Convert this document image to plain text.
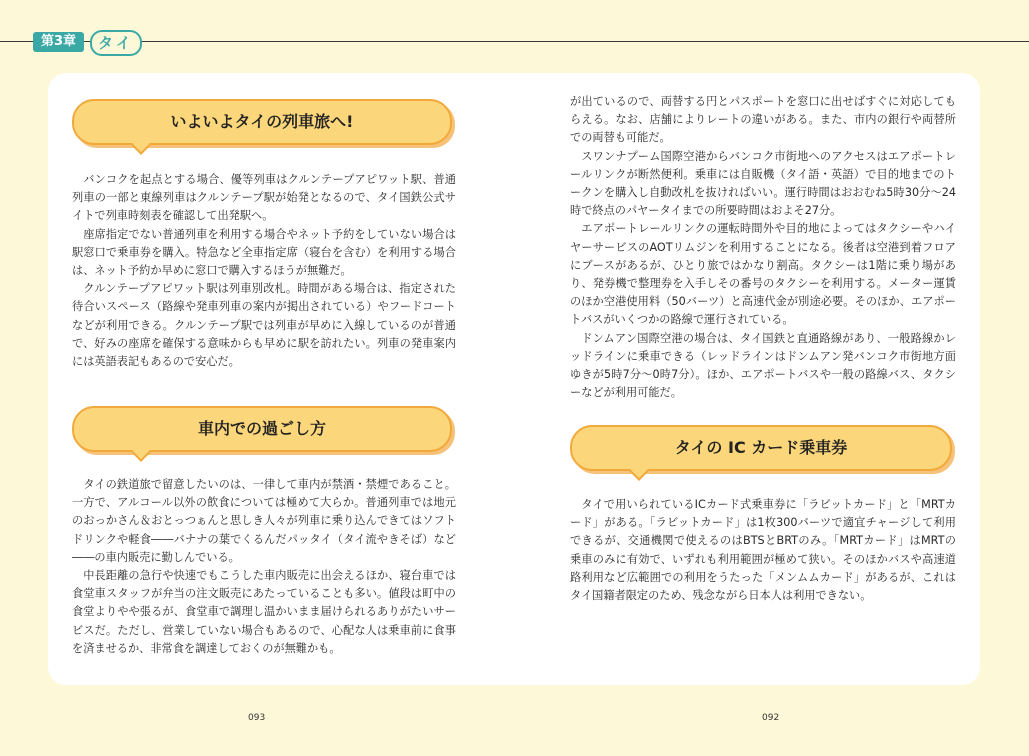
第3章	タイ
いよいよタイの列車旅へ!

バンコクを起点とする場合、優等列車はクルンテープアピワット駅、普通列車の一部と東線列車はクルンテープ駅が始発となるので、タイ国鉄公式サイトで列車時刻表を確認して出発駅へ。

座席指定でない普通列車を利用する場合やネット予約をしていない場合は駅窓口で乗車券を購入。特急など全車指定席（寝台を含む）を利用する場合は、ネット予約か早めに窓口で購入するほうが無難だ。

クルンテープアピワット駅は列車別改札。時間がある場合は、指定された待合いスペース（路線や発車列車の案内が掲出されている）やフードコートなどが利用できる。クルンテープ駅では列車が早めに入線しているのが普通で、好みの座席を確保する意味からも早めに駅を訪れたい。列車の発車案内には英語表記もあるので安心だ。

車内での過ごし方

タイの鉄道旅で留意したいのは、一律して車内が禁酒・禁煙であること。一方で、アルコール以外の飲食については極めて大らか。普通列車では地元のおっかさん＆おとっつぁんと思しき人々が列車に乗り込んできてはソフトドリンクや軽食――バナナの葉でくるんだパッタイ（タイ流やきそば）など――の車内販売に勤しんでいる。

中長距離の急行や快速でもこうした車内販売に出会えるほか、寝台車では食堂車スタッフが弁当の注文販売にあたっていることも多い。値段は町中の食堂よりやや張るが、食堂車で調理し温かいまま届けられるありがたいサービスだ。ただし、営業していない場合もあるので、心配な人は乗車前に食事を済ませるか、非常食を調達しておくのが無難かも。

が出ているので、両替する円とパスポートを窓口に出せばすぐに対応してもらえる。なお、店舗によりレートの違いがある。また、市内の銀行や両替所での両替も可能だ。

スワンナプーム国際空港からバンコク市街地へのアクセスはエアポートレールリンクが断然便利。乗車には自販機（タイ語・英語）で目的地までのトークンを購入し自動改札を抜ければいい。運行時間はおおむね5時30分～24時で終点のパヤータイまでの所要時間はおよそ27分。

エアポートレールリンクの運転時間外や目的地によってはタクシーやハイヤーサービスのAOTリムジンを利用することになる。後者は空港到着フロアにブースがあるが、ひとり旅ではかなり割高。タクシーは1階に乗り場があり、発券機で整理券を入手しその番号のタクシーを利用する。メーター運賃のほか空港使用料（50バーツ）と高速代金が別途必要。そのほか、エアポートバスがいくつかの路線で運行されている。

ドンムアン国際空港の場合は、タイ国鉄と直通路線があり、一般路線かレッドラインに乗車できる（レッドラインはドンムアン発バンコク市街地方面ゆきが5時7分～0時7分）。ほか、エアポートバスや一般の路線バス、タクシーなどが利用可能だ。

タイの IC カード乗車券

タイで用いられているICカード式乗車券に「ラビットカード」と「MRTカード」がある。「ラビットカード」は1枚300バーツで適宜チャージして利用できるが、交通機関で使えるのはBTSとBRTのみ。「MRTカード」はMRTの乗車のみに有効で、いずれも利用範囲が極めて狭い。そのほかバスや高速道路利用など広範囲での利用をうたった「メンムムカード」があるが、これはタイ国籍者限定のため、残念ながら日本人は利用できない。

093	092
